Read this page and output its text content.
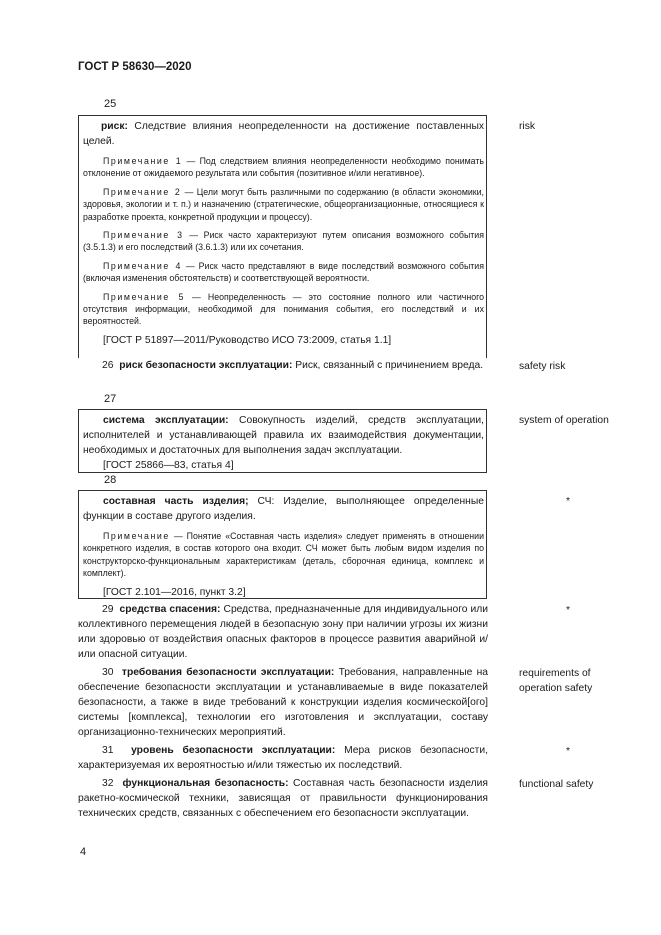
ГОСТ Р 58630—2020
25

риск: Следствие влияния неопределенности на достижение поставленных целей.

Примечание 1 — Под следствием влияния неопределенности необходимо понимать отклонение от ожидаемого результата или события (позитивное и/или негативное).

Примечание 2 — Цели могут быть различными по содержанию (в области экономики, здоровья, экологии и т. п.) и назначению (стратегические, общеорганизационные, относящиеся к разработке проекта, конкретной продукции и процессу).

Примечание 3 — Риск часто характеризуют путем описания возможного события (3.5.1.3) и его последствий (3.6.1.3) или их сочетания.

Примечание 4 — Риск часто представляют в виде последствий возможного события (включая изменения обстоятельств) и соответствующей вероятности.

Примечание 5 — Неопределенность — это состояние полного или частичного отсутствия информации, необходимой для понимания события, его последствий и их вероятностей.

[ГОСТ Р 51897—2011/Руководство ИСО 73:2009, статья 1.1]

risk
26 риск безопасности эксплуатации: Риск, связанный с причинением вреда.	safety risk
27

система эксплуатации: Совокупность изделий, средств эксплуатации, исполнителей и устанавливающей правила их взаимодействия документации, необходимых и достаточных для выполнения задач эксплуатации.

[ГОСТ 25866—83, статья 4]

system of operation
28

составная часть изделия; СЧ: Изделие, выполняющее определенные функции в составе другого изделия.

Примечание — Понятие «Составная часть изделия» следует применять в отношении конкретного изделия, в состав которого она входит. СЧ может быть любым видом изделия по конструкторско-функциональным характеристикам (деталь, сборочная единица, комплекс и комплект).

[ГОСТ 2.101—2016, пункт 3.2]

*
29 средства спасения: Средства, предназначенные для индивидуального или коллективного перемещения людей в безопасную зону при наличии угрозы их жизни или здоровью от воздействия опасных факторов в процессе развития аварийной и/или опасной ситуации.
*
30 требования безопасности эксплуатации: Требования, направленные на обеспечение безопасности эксплуатации и устанавливаемые в виде показателей безопасности, а также в виде требований к конструкции изделия космической[ого] системы [комплекса], технологии его изготовления и эксплуатации, составу организационно-технических мероприятий.
requirements of
operation safety
31 уровень безопасности эксплуатации: Мера рисков безопасности, характеризуемая их вероятностью и/или тяжестью их последствий.
*
32 функциональная безопасность: Составная часть безопасности изделия ракетно-космической техники, зависящая от правильности функционирования технических средств, связанных с обеспечением его безопасности эксплуатации.
functional safety
4
